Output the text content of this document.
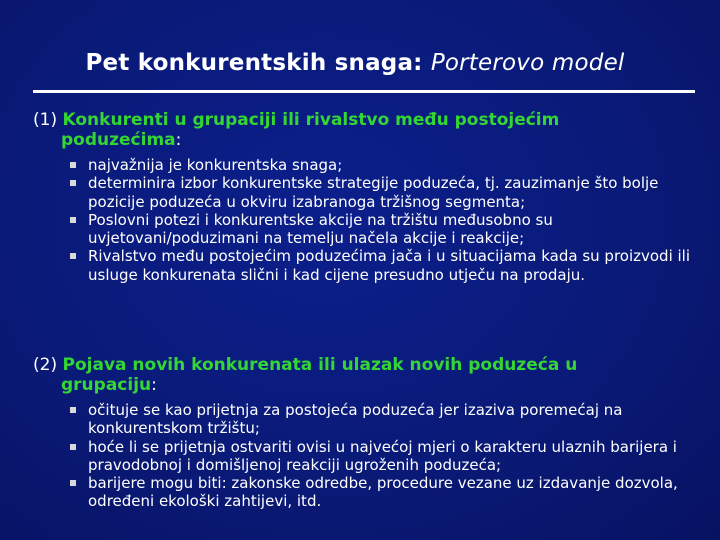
Pet konkurentskih snaga: Porterovo model
(1) Konkurenti u grupaciji ili rivalstvo među postojećim
poduzećima:
najvažnija je konkurentska snaga;
determinira izbor konkurentske strategije poduzeća, tj. zauzimanje što bolje pozicije poduzeća u okviru izabranoga tržišnog segmenta;
Poslovni potezi i konkurentske akcije na tržištu međusobno su uvjetovani/poduzimani na temelju načela akcije i reakcije;
Rivalstvo među postojećim poduzećima jača i u situacijama kada su proizvodi ili usluge konkurenata slični i kad cijene presudno utječu na prodaju.
(2) Pojava novih konkurenata ili ulazak novih poduzeća u
grupaciju:
očituje se kao prijetnja za postojeća poduzeća jer izaziva poremećaj na konkurentskom tržištu;
hoće li se prijetnja ostvariti ovisi u najvećoj mjeri o karakteru ulaznih barijera i pravodobnoj i domišljenoj reakciji ugroženih poduzeća;
barijere mogu biti: zakonske odredbe, procedure vezane uz izdavanje dozvola, određeni ekološki zahtijevi, itd.
